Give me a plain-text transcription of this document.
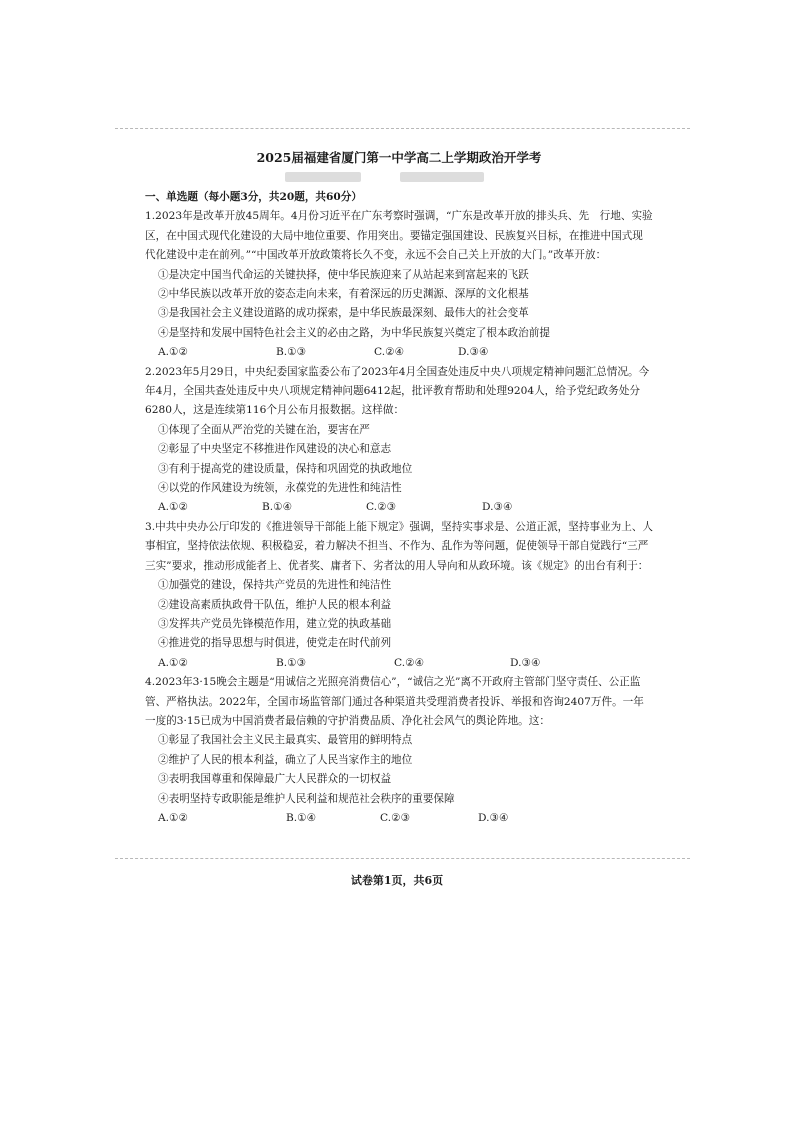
2025届福建省厦门第一中学高二上学期政治开学考

一、单选题（每小题3分，共20题，共60分）

1.2023年是改革开放45周年。4月份习近平在广东考察时强调，“广东是改革开放的排头兵、先　行地、实验区，在中国式现代化建设的大局中地位重要、作用突出。要锚定强国建设、民族复兴目标，在推进中国式现代化建设中走在前列。”“中国改革开放政策将长久不变，永远不会自己关上开放的大门。”改革开放：

①是决定中国当代命运的关键抉择，使中华民族迎来了从站起来到富起来的飞跃

②中华民族以改革开放的姿态走向未来，有着深远的历史渊源、深厚的文化根基

③是我国社会主义建设道路的成功探索，是中华民族最深刻、最伟大的社会变革

④是坚持和发展中国特色社会主义的必由之路，为中华民族复兴奠定了根本政治前提

A.①②	B.①③	C.②④	D.③④

2.2023年5月29日，中央纪委国家监委公布了2023年4月全国查处违反中央八项规定精神问题汇总情况。今年4月，全国共查处违反中央八项规定精神问题6412起，批评教育帮助和处理9204人，给予党纪政务处分6280人，这是连续第116个月公布月报数据。这样做：

①体现了全面从严治党的关键在治，要害在严

②彰显了中央坚定不移推进作风建设的决心和意志

③有利于提高党的建设质量，保持和巩固党的执政地位

④以党的作风建设为统领，永葆党的先进性和纯洁性

A.①②	B.①④	C.②③	D.③④

3.中共中央办公厅印发的《推进领导干部能上能下规定》强调，坚持实事求是、公道正派，坚持事业为上、人事相宜，坚持依法依规、积极稳妥，着力解决不担当、不作为、乱作为等问题，促使领导干部自觉践行“三严三实”要求，推动形成能者上、优者奖、庸者下、劣者汰的用人导向和从政环境。该《规定》的出台有利于：

①加强党的建设，保持共产党员的先进性和纯洁性

②建设高素质执政骨干队伍，维护人民的根本利益

③发挥共产党员先锋模范作用，建立党的执政基础

④推进党的指导思想与时俱进，使党走在时代前列

A.①②	B.①③	C.②④	D.③④

4.2023年3·15晚会主题是“用诚信之光照亮消费信心”，“诚信之光”离不开政府主管部门坚守责任、公正监管、严格执法。2022年，全国市场监管部门通过各种渠道共受理消费者投诉、举报和咨询2407万件。一年一度的3·15已成为中国消费者最信赖的守护消费品质、净化社会风气的舆论阵地。这：

①彰显了我国社会主义民主最真实、最管用的鲜明特点

②维护了人民的根本利益，确立了人民当家作主的地位

③表明我国尊重和保障最广大人民群众的一切权益

④表明坚持专政职能是维护人民利益和规范社会秩序的重要保障

A.①②	B.①④	C.②③	D.③④
试卷第1页，共6页
